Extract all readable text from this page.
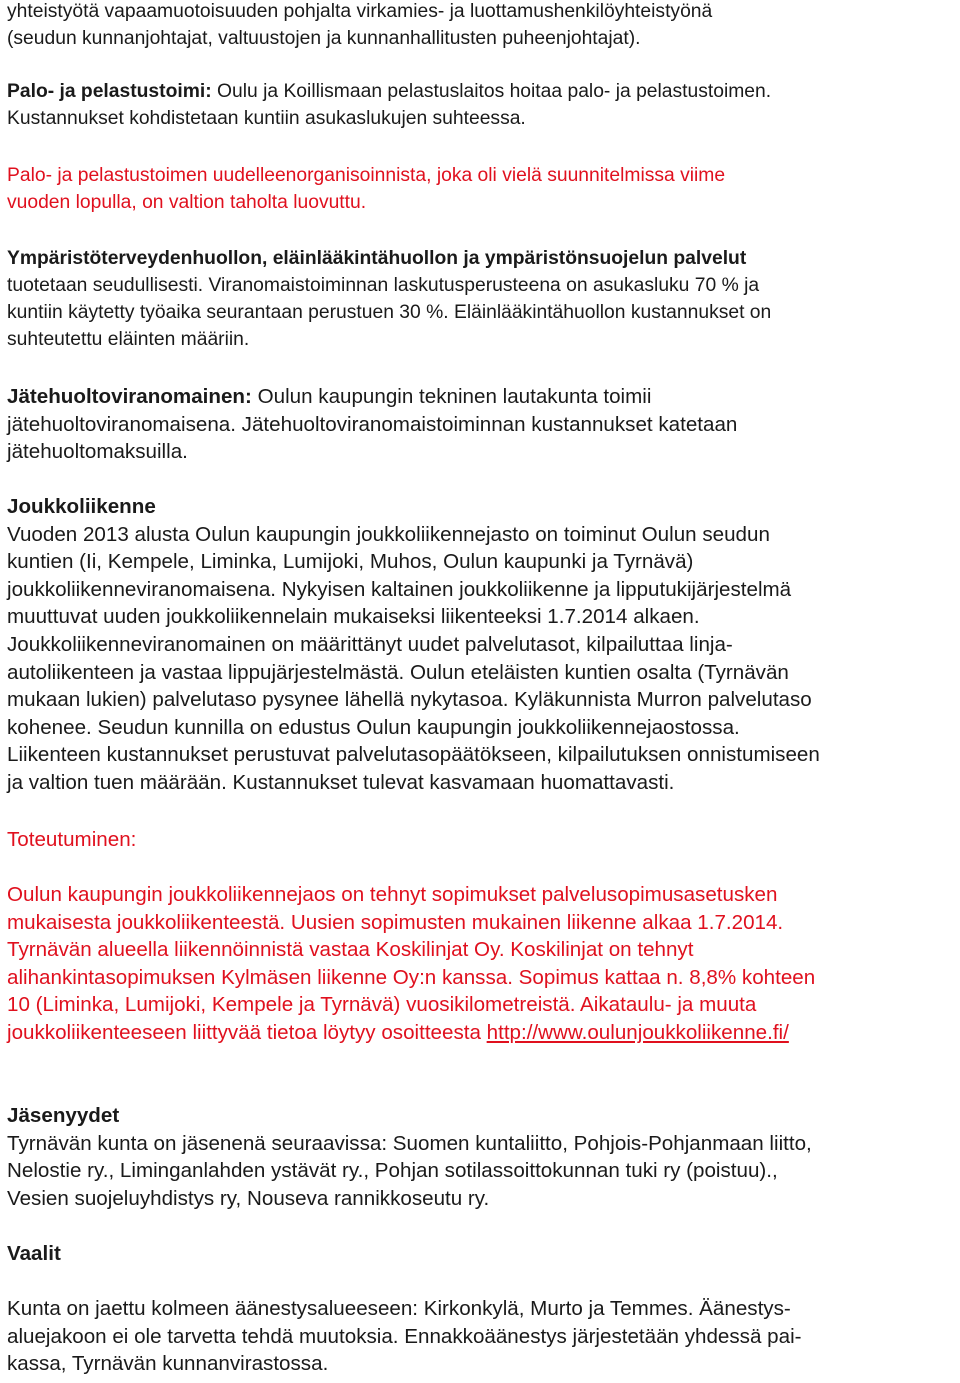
yhteistyötä vapaamuotoisuuden pohjalta virkamies- ja luottamushenkilöyhteistyönä
(seudun kunnanjohtajat, valtuustojen ja kunnanhallitusten puheenjohtajat).
Palo- ja pelastustoimi: Oulu ja Koillismaan pelastuslaitos hoitaa palo- ja pelastustoimen.
Kustannukset kohdistetaan kuntiin asukaslukujen suhteessa.
Palo- ja pelastustoimen uudelleenorganisoinnista, joka oli vielä suunnitelmissa viime
vuoden lopulla, on valtion taholta luovuttu.
Ympäristöterveydenhuollon, eläinlääkintähuollon ja ympäristönsuojelun palvelut
tuotetaan seudullisesti. Viranomaistoiminnan laskutusperusteena on asukasluku 70 % ja
kuntiin käytetty työaika seurantaan perustuen 30 %. Eläinlääkintähuollon kustannukset on
suhteutettu eläinten määriin.
Jätehuoltoviranomainen: Oulun kaupungin tekninen lautakunta toimii
jätehuoltoviranomaisena. Jätehuoltoviranomaistoiminnan kustannukset katetaan
jätehuoltomaksuilla.
Joukkoliikenne
Vuoden 2013 alusta Oulun kaupungin joukkoliikennejasto on toiminut Oulun seudun
kuntien (Ii, Kempele, Liminka, Lumijoki, Muhos, Oulun kaupunki ja Tyrnävä)
joukkoliikenneviranomaisena. Nykyisen kaltainen joukkoliikenne ja lipputukijärjestelmä
muuttuvat uuden joukkoliikennelain mukaiseksi liikenteeksi 1.7.2014 alkaen.
Joukkoliikenneviranomainen on määrittänyt uudet palvelutasot, kilpailuttaa linja-
autoliikenteen ja vastaa lippujärjestelmästä. Oulun eteläisten kuntien osalta (Tyrnävän
mukaan lukien) palvelutaso pysynee lähellä nykytasoa. Kyläkunnista Murron palvelutaso
kohenee. Seudun kunnilla on edustus Oulun kaupungin joukkoliikennejaostossa.
Liikenteen kustannukset perustuvat palvelutasopäätökseen, kilpailutuksen onnistumiseen
ja valtion tuen määrään. Kustannukset tulevat kasvamaan huomattavasti.
Toteutuminen:
Oulun kaupungin joukkoliikennejaos on tehnyt sopimukset palvelusopimusasetusken
mukaisesta joukkoliikenteestä. Uusien sopimusten mukainen liikenne alkaa 1.7.2014.
Tyrnävän alueella liikennöinnistä vastaa Koskilinjat Oy. Koskilinjat on tehnyt
alihankintasopimuksen Kylmäsen liikenne Oy:n kanssa. Sopimus kattaa n. 8,8% kohteen
10 (Liminka, Lumijoki, Kempele ja Tyrnävä) vuosikilometreistä. Aikataulu- ja muuta
joukkoliikenteeseen liittyvää tietoa löytyy osoitteesta http://www.oulunjoukkoliikenne.fi/
Jäsenyydet
Tyrnävän kunta on jäsenenä seuraavissa: Suomen kuntaliitto, Pohjois-Pohjanmaan liitto,
Nelostie ry., Liminganlahden ystävät ry., Pohjan sotilassoittokunnan tuki ry (poistuu).,
Vesien suojeluyhdistys ry, Nouseva rannikkoseutu ry.
Vaalit
Kunta on jaettu kolmeen äänestysalueeseen: Kirkonkylä, Murto ja Temmes. Äänestys-
aluejakoon ei ole tarvetta tehdä muutoksia. Ennakkoäänestys järjestetään yhdessä pai-
kassa, Tyrnävän kunnanvirastossa.
